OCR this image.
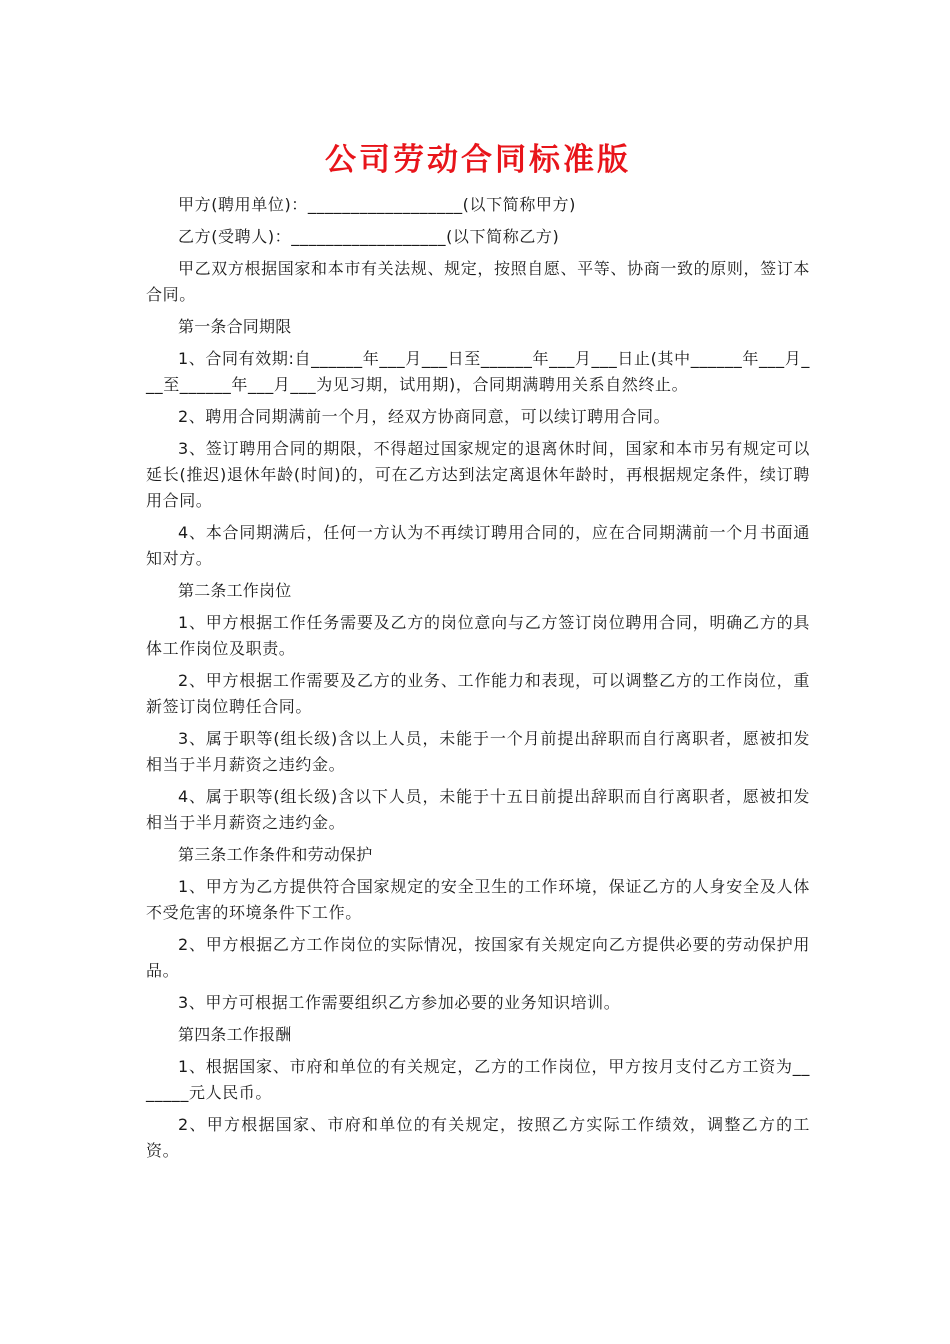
公司劳动合同标准版

甲方(聘用单位)：__________________(以下简称甲方)

乙方(受聘人)：__________________(以下简称乙方)

甲乙双方根据国家和本市有关法规、规定，按照自愿、平等、协商一致的原则，签订本合同。

第一条合同期限

1、合同有效期:自______年___月___日至______年___月___日止(其中______年___月___至______年___月___为见习期，试用期)，合同期满聘用关系自然终止。

2、聘用合同期满前一个月，经双方协商同意，可以续订聘用合同。

3、签订聘用合同的期限，不得超过国家规定的退离休时间，国家和本市另有规定可以延长(推迟)退休年龄(时间)的，可在乙方达到法定离退休年龄时，再根据规定条件，续订聘用合同。

4、本合同期满后，任何一方认为不再续订聘用合同的，应在合同期满前一个月书面通知对方。

第二条工作岗位

1、甲方根据工作任务需要及乙方的岗位意向与乙方签订岗位聘用合同，明确乙方的具体工作岗位及职责。

2、甲方根据工作需要及乙方的业务、工作能力和表现，可以调整乙方的工作岗位，重新签订岗位聘任合同。

3、属于职等(组长级)含以上人员，未能于一个月前提出辞职而自行离职者，愿被扣发相当于半月薪资之违约金。

4、属于职等(组长级)含以下人员，未能于十五日前提出辞职而自行离职者，愿被扣发相当于半月薪资之违约金。

第三条工作条件和劳动保护

1、甲方为乙方提供符合国家规定的安全卫生的工作环境，保证乙方的人身安全及人体不受危害的环境条件下工作。

2、甲方根据乙方工作岗位的实际情况，按国家有关规定向乙方提供必要的劳动保护用品。

3、甲方可根据工作需要组织乙方参加必要的业务知识培训。

第四条工作报酬

1、根据国家、市府和单位的有关规定，乙方的工作岗位，甲方按月支付乙方工资为_______元人民币。

2、甲方根据国家、市府和单位的有关规定，按照乙方实际工作绩效，调整乙方的工资。
